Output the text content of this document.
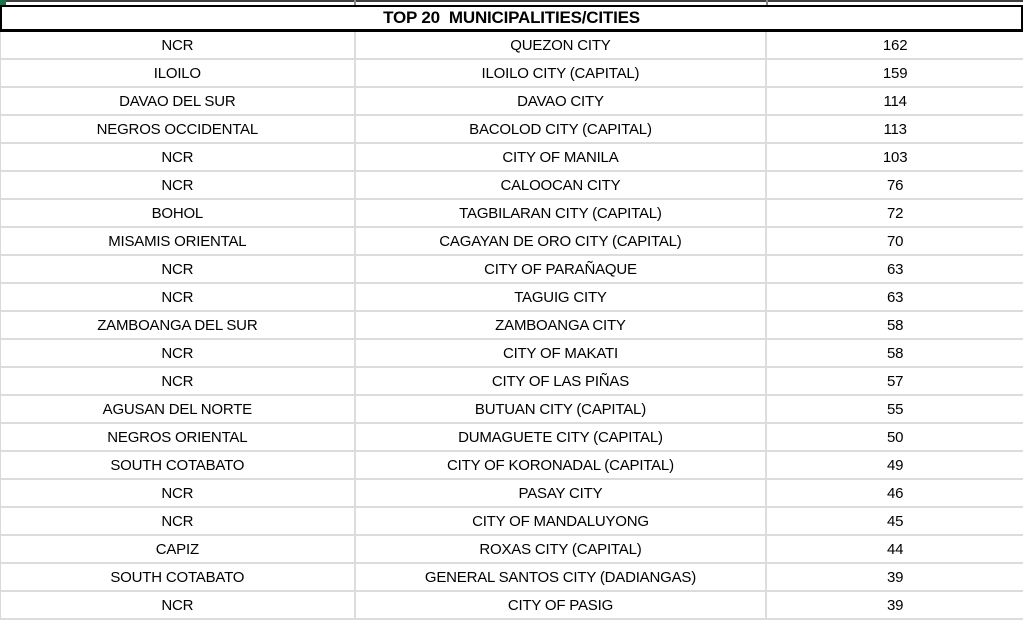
TOP 20  MUNICIPALITIES/CITIES
NCR	QUEZON CITY	162
ILOILO	ILOILO CITY (CAPITAL)	159
DAVAO DEL SUR	DAVAO CITY	114
NEGROS OCCIDENTAL	BACOLOD CITY (CAPITAL)	113
NCR	CITY OF MANILA	103
NCR	CALOOCAN CITY	76
BOHOL	TAGBILARAN CITY (CAPITAL)	72
MISAMIS ORIENTAL	CAGAYAN DE ORO CITY (CAPITAL)	70
NCR	CITY OF PARAÑAQUE	63
NCR	TAGUIG CITY	63
ZAMBOANGA DEL SUR	ZAMBOANGA CITY	58
NCR	CITY OF MAKATI	58
NCR	CITY OF LAS PIÑAS	57
AGUSAN DEL NORTE	BUTUAN CITY (CAPITAL)	55
NEGROS ORIENTAL	DUMAGUETE CITY (CAPITAL)	50
SOUTH COTABATO	CITY OF KORONADAL (CAPITAL)	49
NCR	PASAY CITY	46
NCR	CITY OF MANDALUYONG	45
CAPIZ	ROXAS CITY (CAPITAL)	44
SOUTH COTABATO	GENERAL SANTOS CITY (DADIANGAS)	39
NCR	CITY OF PASIG	39
